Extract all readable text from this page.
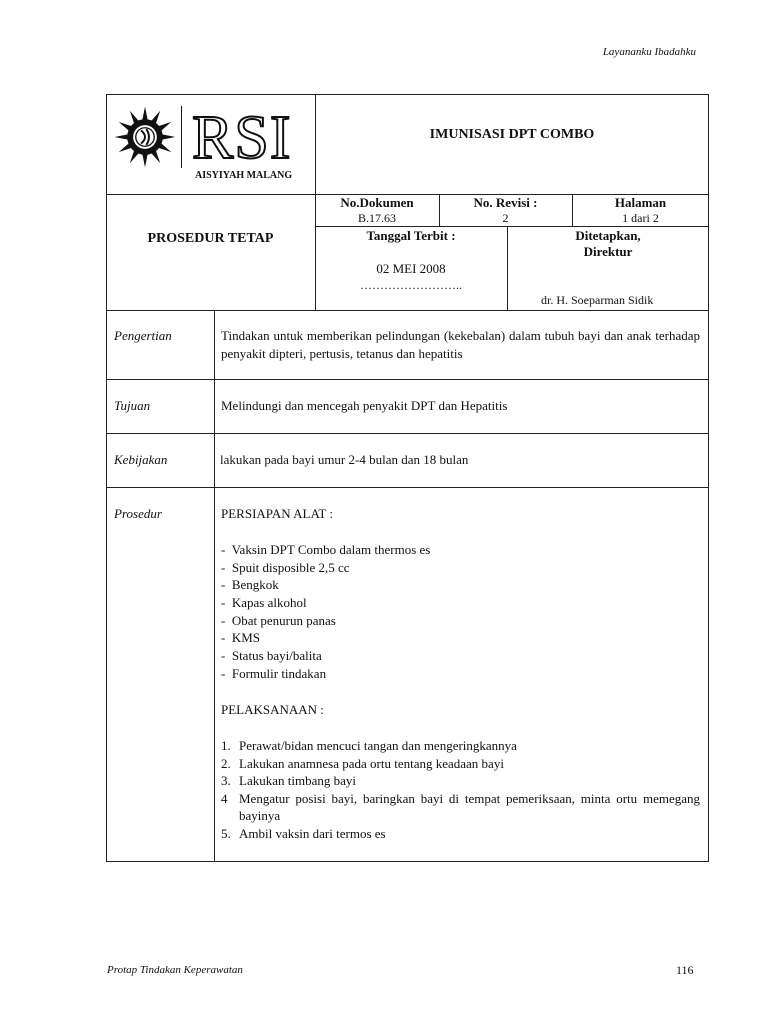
Layananku Ibadahku
RSI
AISYIYAH MALANG
IMUNISASI DPT COMBO
PROSEDUR TETAP
No.Dokumen
B.17.63
No. Revisi :
2
Halaman
1 dari 2
Tanggal Terbit :
02 MEI 2008
……………………..
Ditetapkan,
Direktur
dr. H. Soeparman Sidik
Pengertian	Tindakan untuk memberikan pelindungan (kekebalan) dalam tubuh bayi dan anak terhadap penyakit dipteri, pertusis, tetanus dan hepatitis
Tujuan	Melindungi dan mencegah penyakit DPT dan Hepatitis
Kebijakan	lakukan pada bayi umur 2-4 bulan dan 18 bulan
Prosedur	PERSIAPAN ALAT :
-  Vaksin DPT Combo dalam thermos es
-  Spuit disposible 2,5 cc
-  Bengkok
-  Kapas alkohol
-  Obat penurun panas
-  KMS
-  Status bayi/balita
-  Formulir tindakan
PELAKSANAAN :
1. Perawat/bidan mencuci tangan dan mengeringkannya
2. Lakukan anamnesa pada ortu tentang keadaan bayi
3. Lakukan timbang bayi
4 Mengatur posisi bayi, baringkan bayi di tempat pemeriksaan, minta ortu memegang bayinya
5. Ambil vaksin dari termos es
Protap Tindakan Keperawatan	116
